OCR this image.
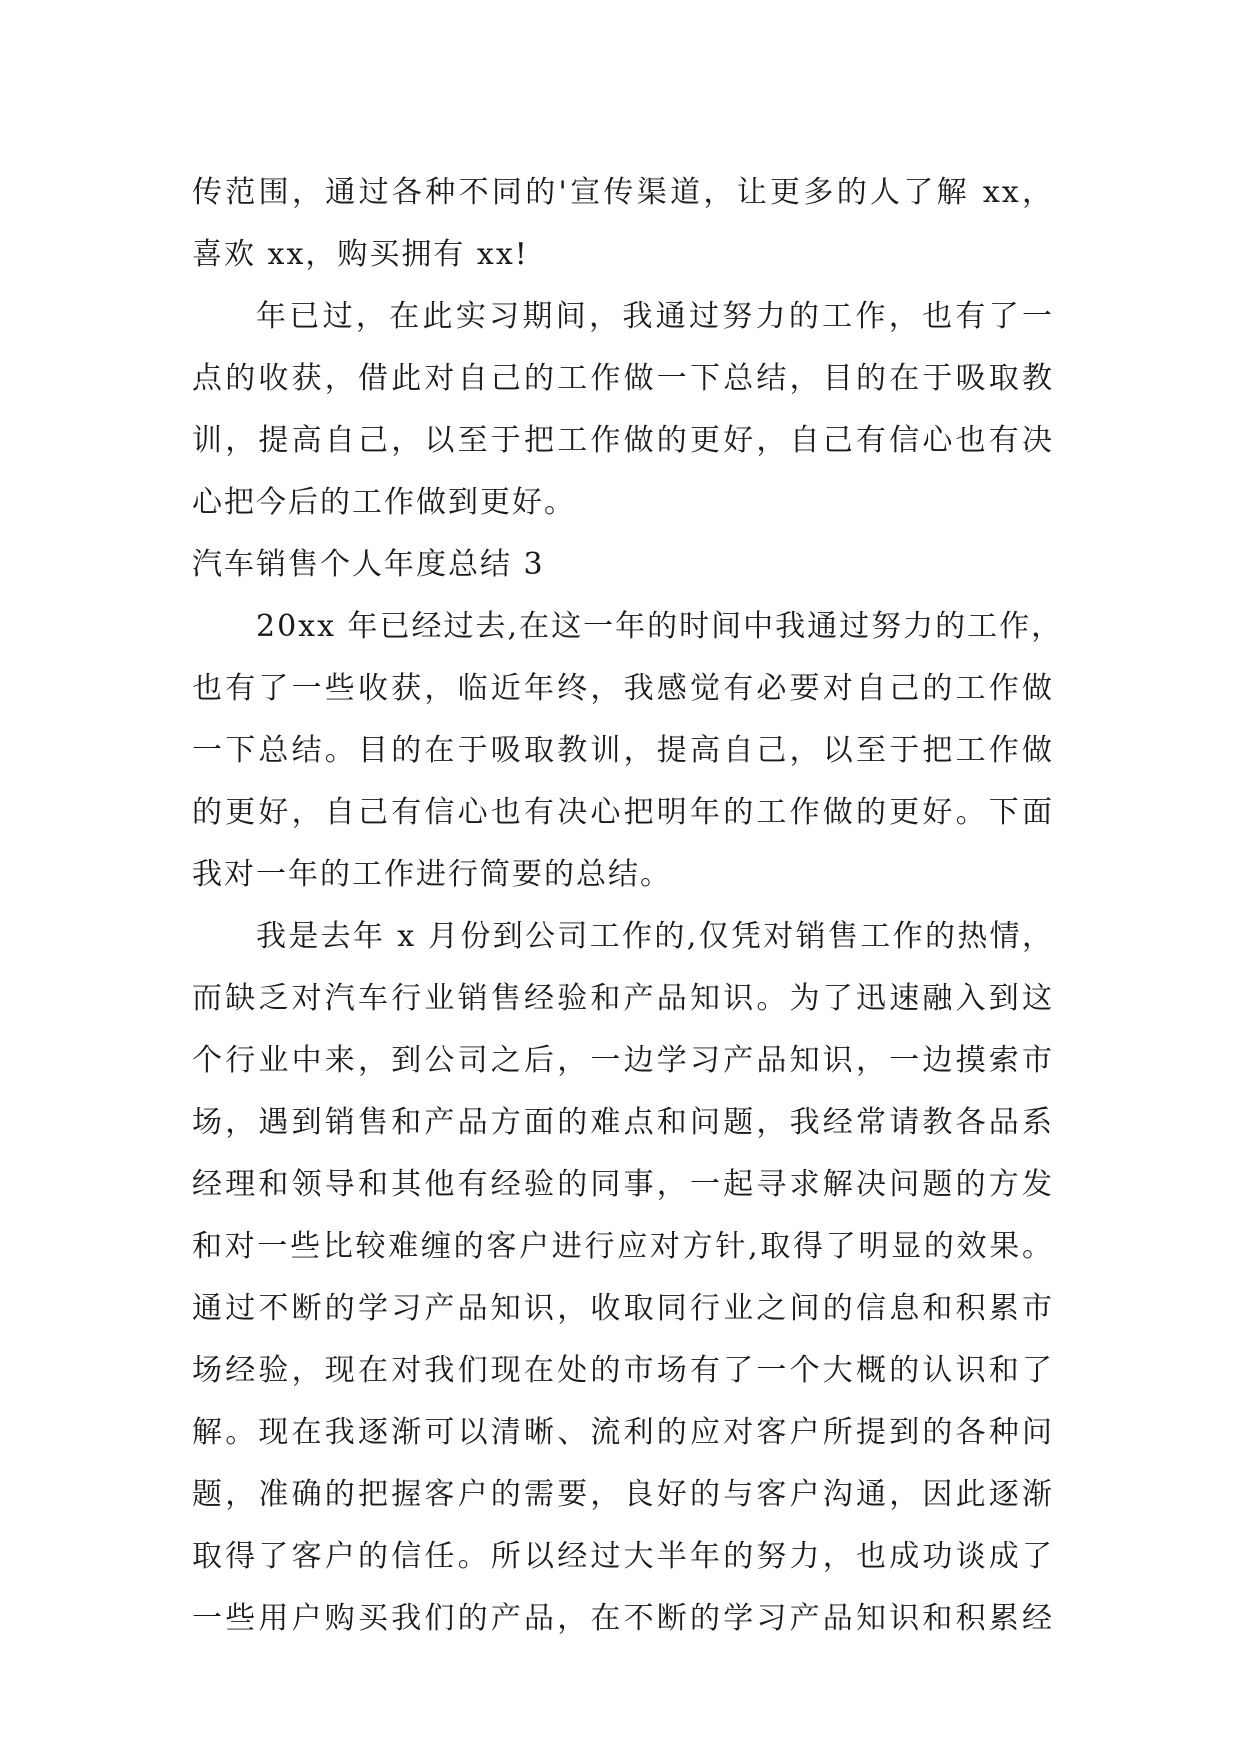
传范围，通过各种不同的'宣传渠道，让更多的人了解 xx，
喜欢 xx，购买拥有 xx!
年已过，在此实习期间，我通过努力的工作，也有了一
点的收获，借此对自己的工作做一下总结，目的在于吸取教
训，提高自己，以至于把工作做的更好，自己有信心也有决
心把今后的工作做到更好。
汽车销售个人年度总结 3
20xx 年已经过去,在这一年的时间中我通过努力的工作，
也有了一些收获，临近年终，我感觉有必要对自己的工作做
一下总结。目的在于吸取教训，提高自己，以至于把工作做
的更好，自己有信心也有决心把明年的工作做的更好。下面
我对一年的工作进行简要的总结。
我是去年 x 月份到公司工作的,仅凭对销售工作的热情，
而缺乏对汽车行业销售经验和产品知识。为了迅速融入到这
个行业中来，到公司之后，一边学习产品知识，一边摸索市
场，遇到销售和产品方面的难点和问题，我经常请教各品系
经理和领导和其他有经验的同事，一起寻求解决问题的方发
和对一些比较难缠的客户进行应对方针,取得了明显的效果。
通过不断的学习产品知识，收取同行业之间的信息和积累市
场经验，现在对我们现在处的市场有了一个大概的认识和了
解。现在我逐渐可以清晰、流利的应对客户所提到的各种问
题，准确的把握客户的需要，良好的与客户沟通，因此逐渐
取得了客户的信任。所以经过大半年的努力，也成功谈成了
一些用户购买我们的产品，在不断的学习产品知识和积累经
